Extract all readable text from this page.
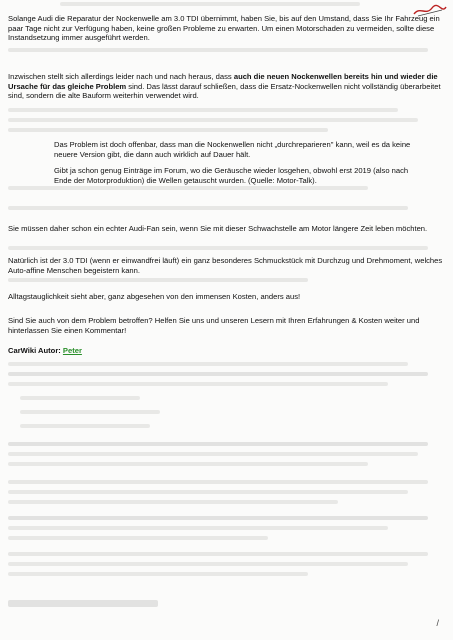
Solange Audi die Reparatur der Nockenwelle am 3.0 TDI übernimmt, haben Sie, bis auf den Umstand, dass Sie Ihr Fahrzeug ein paar Tage nicht zur Verfügung haben, keine großen Probleme zu erwarten. Um einen Motorschaden zu vermeiden, sollte diese Instandsetzung immer ausgeführt werden.
Inzwischen stellt sich allerdings leider nach und nach heraus, dass auch die neuen Nockenwellen bereits hin und wieder die Ursache für das gleiche Problem sind. Das lässt darauf schließen, dass die Ersatz-Nockenwellen nicht vollständig überarbeitet sind, sondern die alte Bauform weiterhin verwendet wird.
Das Problem ist doch offenbar, dass man die Nockenwellen nicht „durchreparieren" kann, weil es da keine neuere Version gibt, die dann auch wirklich auf Dauer hält.
Gibt ja schon genug Einträge im Forum, wo die Geräusche wieder losgehen, obwohl erst 2019 (also nach Ende der Motorproduktion) die Wellen getauscht wurden. (Quelle: Motor-Talk).
Sie müssen daher schon ein echter Audi-Fan sein, wenn Sie mit dieser Schwachstelle am Motor längere Zeit leben möchten.
Natürlich ist der 3.0 TDI (wenn er einwandfrei läuft) ein ganz besonderes Schmuckstück mit Durchzug und Drehmoment, welches Auto-affine Menschen begeistern kann.
Alltagstauglichkeit sieht aber, ganz abgesehen von den immensen Kosten, anders aus!
Sind Sie auch von dem Problem betroffen? Helfen Sie uns und unseren Lesern mit Ihren Erfahrungen & Kosten weiter und hinterlassen Sie einen Kommentar!
CarWiki Autor: Peter
/
